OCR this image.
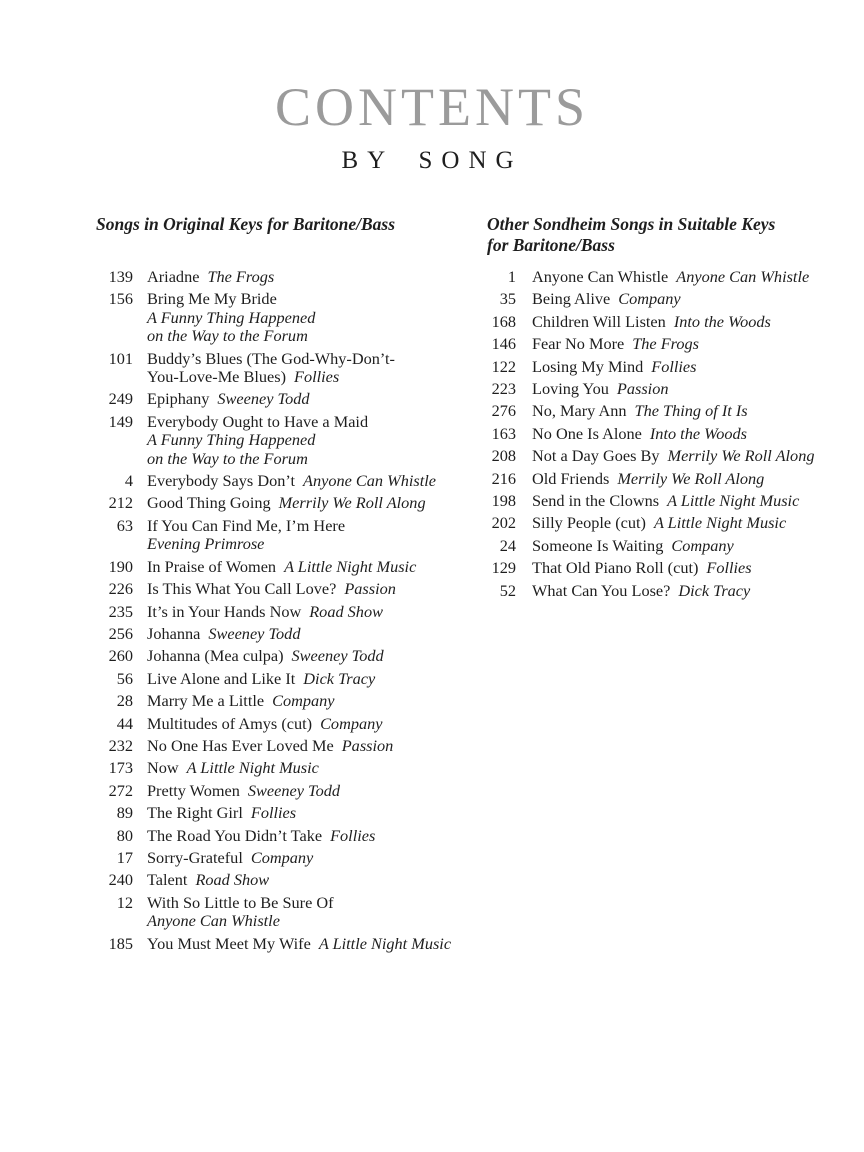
CONTENTS
BY SONG
Songs in Original Keys for Baritone/Bass
139 Ariadne The Frogs
156 Bring Me My Bride
A Funny Thing Happened
on the Way to the Forum
101 Buddy’s Blues (The God-Why-Don’t-
You-Love-Me Blues) Follies
249 Epiphany Sweeney Todd
149 Everybody Ought to Have a Maid
A Funny Thing Happened
on the Way to the Forum
4 Everybody Says Don’t Anyone Can Whistle
212 Good Thing Going Merrily We Roll Along
63 If You Can Find Me, I’m Here
Evening Primrose
190 In Praise of Women A Little Night Music
226 Is This What You Call Love? Passion
235 It’s in Your Hands Now Road Show
256 Johanna Sweeney Todd
260 Johanna (Mea culpa) Sweeney Todd
56 Live Alone and Like It Dick Tracy
28 Marry Me a Little Company
44 Multitudes of Amys (cut) Company
232 No One Has Ever Loved Me Passion
173 Now A Little Night Music
272 Pretty Women Sweeney Todd
89 The Right Girl Follies
80 The Road You Didn’t Take Follies
17 Sorry-Grateful Company
240 Talent Road Show
12 With So Little to Be Sure Of
Anyone Can Whistle
185 You Must Meet My Wife A Little Night Music
Other Sondheim Songs in Suitable Keys
for Baritone/Bass
1 Anyone Can Whistle Anyone Can Whistle
35 Being Alive Company
168 Children Will Listen Into the Woods
146 Fear No More The Frogs
122 Losing My Mind Follies
223 Loving You Passion
276 No, Mary Ann The Thing of It Is
163 No One Is Alone Into the Woods
208 Not a Day Goes By Merrily We Roll Along
216 Old Friends Merrily We Roll Along
198 Send in the Clowns A Little Night Music
202 Silly People (cut) A Little Night Music
24 Someone Is Waiting Company
129 That Old Piano Roll (cut) Follies
52 What Can You Lose? Dick Tracy
